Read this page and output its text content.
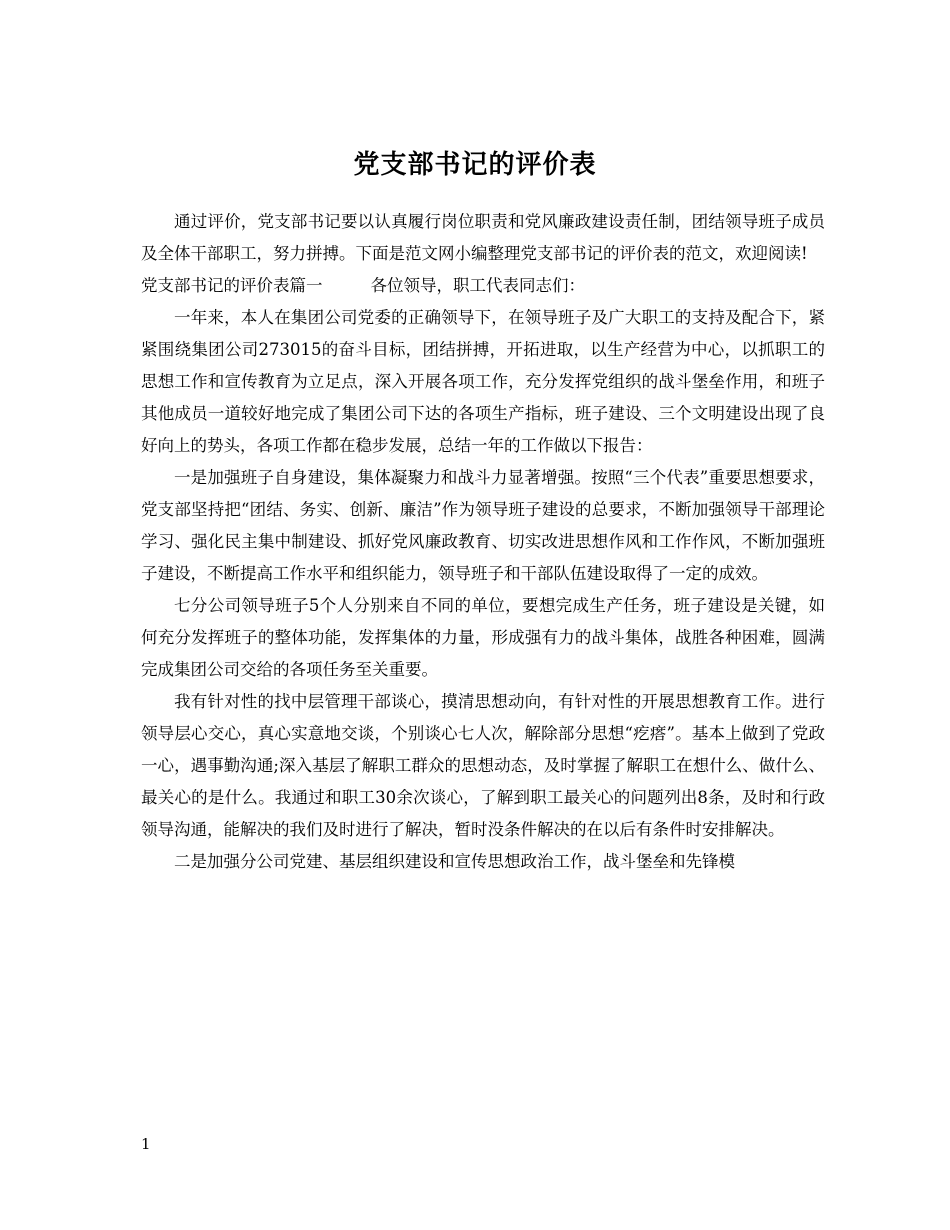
党支部书记的评价表

通过评价，党支部书记要以认真履行岗位职责和党风廉政建设责任制，团结领导班子成员及全体干部职工，努力拼搏。下面是范文网小编整理党支部书记的评价表的范文，欢迎阅读!

党支部书记的评价表篇一	各位领导，职工代表同志们：

一年来，本人在集团公司党委的正确领导下，在领导班子及广大职工的支持及配合下，紧紧围绕集团公司273015的奋斗目标，团结拼搏，开拓进取，以生产经营为中心，以抓职工的思想工作和宣传教育为立足点，深入开展各项工作，充分发挥党组织的战斗堡垒作用，和班子其他成员一道较好地完成了集团公司下达的各项生产指标，班子建设、三个文明建设出现了良好向上的势头，各项工作都在稳步发展，总结一年的工作做以下报告：

一是加强班子自身建设，集体凝聚力和战斗力显著增强。按照“三个代表”重要思想要求，党支部坚持把“团结、务实、创新、廉洁”作为领导班子建设的总要求，不断加强领导干部理论学习、强化民主集中制建设、抓好党风廉政教育、切实改进思想作风和工作作风，不断加强班子建设，不断提高工作水平和组织能力，领导班子和干部队伍建设取得了一定的成效。

七分公司领导班子5个人分别来自不同的单位，要想完成生产任务，班子建设是关键，如何充分发挥班子的整体功能，发挥集体的力量，形成强有力的战斗集体，战胜各种困难，圆满完成集团公司交给的各项任务至关重要。

我有针对性的找中层管理干部谈心，摸清思想动向，有针对性的开展思想教育工作。进行领导层心交心，真心实意地交谈，个别谈心七人次，解除部分思想“疙瘩”。基本上做到了党政一心，遇事勤沟通;深入基层了解职工群众的思想动态，及时掌握了解职工在想什么、做什么、最关心的是什么。我通过和职工30余次谈心，了解到职工最关心的问题列出8条，及时和行政领导沟通，能解决的我们及时进行了解决，暂时没条件解决的在以后有条件时安排解决。

二是加强分公司党建、基层组织建设和宣传思想政治工作，战斗堡垒和先锋模

1
